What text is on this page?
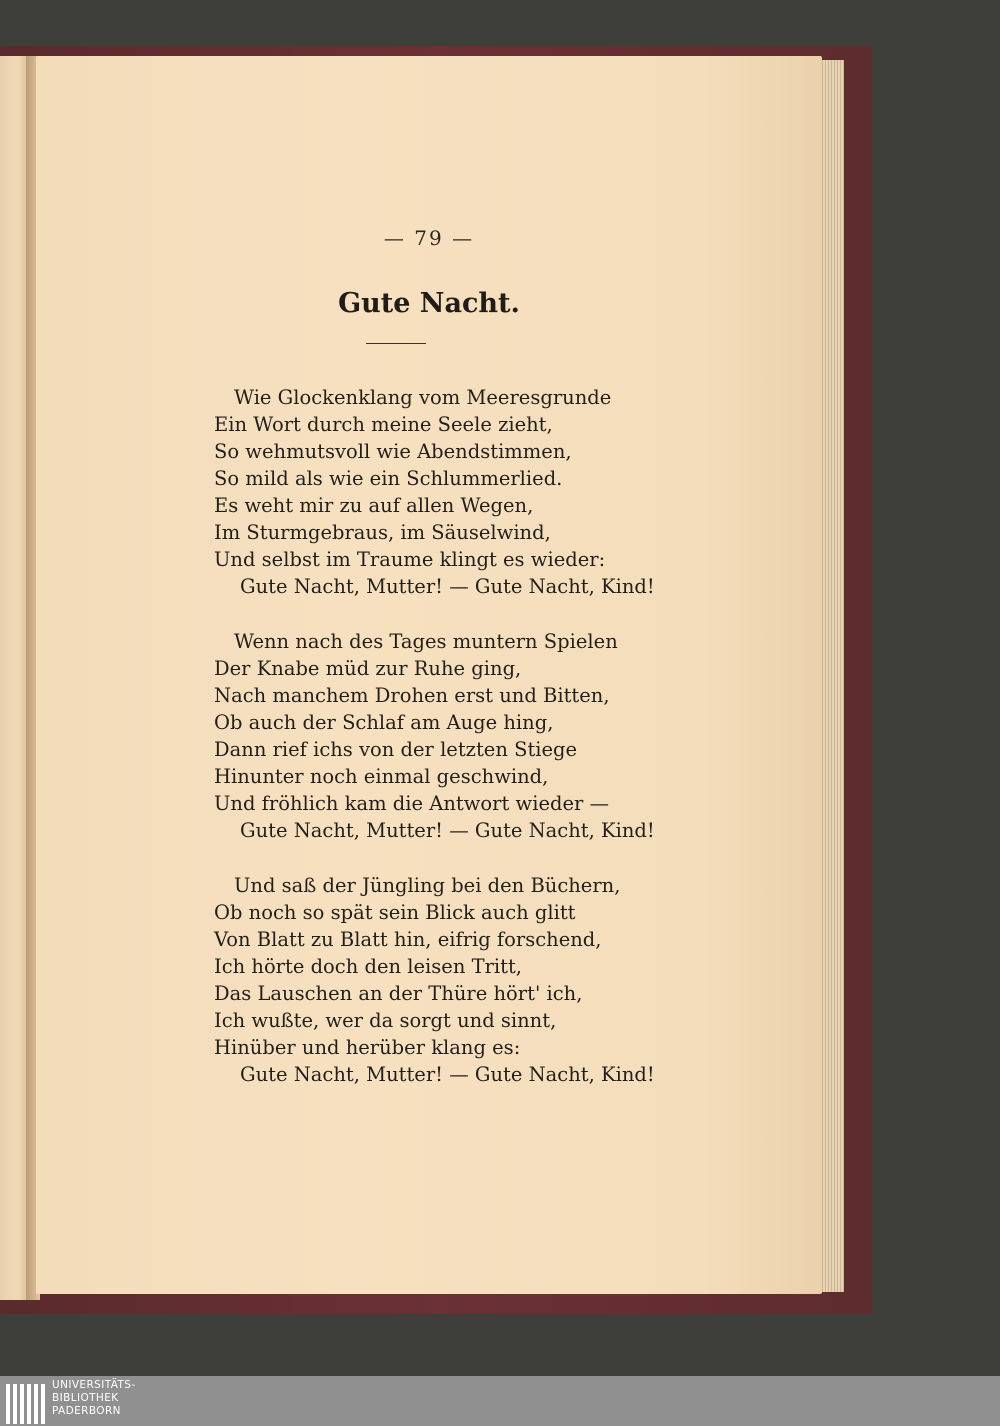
— 79 —
Gute Nacht.
Wie Glockenklang vom Meeresgrunde
Ein Wort durch meine Seele zieht,
So wehmutsvoll wie Abendstimmen,
So mild als wie ein Schlummerlied.
Es weht mir zu auf allen Wegen,
Im Sturmgebraus, im Säuselwind,
Und selbst im Traume klingt es wieder:
Gute Nacht, Mutter! — Gute Nacht, Kind!
Wenn nach des Tages muntern Spielen
Der Knabe müd zur Ruhe ging,
Nach manchem Drohen erst und Bitten,
Ob auch der Schlaf am Auge hing,
Dann rief ichs von der letzten Stiege
Hinunter noch einmal geschwind,
Und fröhlich kam die Antwort wieder —
Gute Nacht, Mutter! — Gute Nacht, Kind!
Und saß der Jüngling bei den Büchern,
Ob noch so spät sein Blick auch glitt
Von Blatt zu Blatt hin, eifrig forschend,
Ich hörte doch den leisen Tritt,
Das Lauschen an der Thüre hört' ich,
Ich wußte, wer da sorgt und sinnt,
Hinüber und herüber klang es:
Gute Nacht, Mutter! — Gute Nacht, Kind!
UNIVERSITÄTS-
BIBLIOTHEK
PADERBORN
